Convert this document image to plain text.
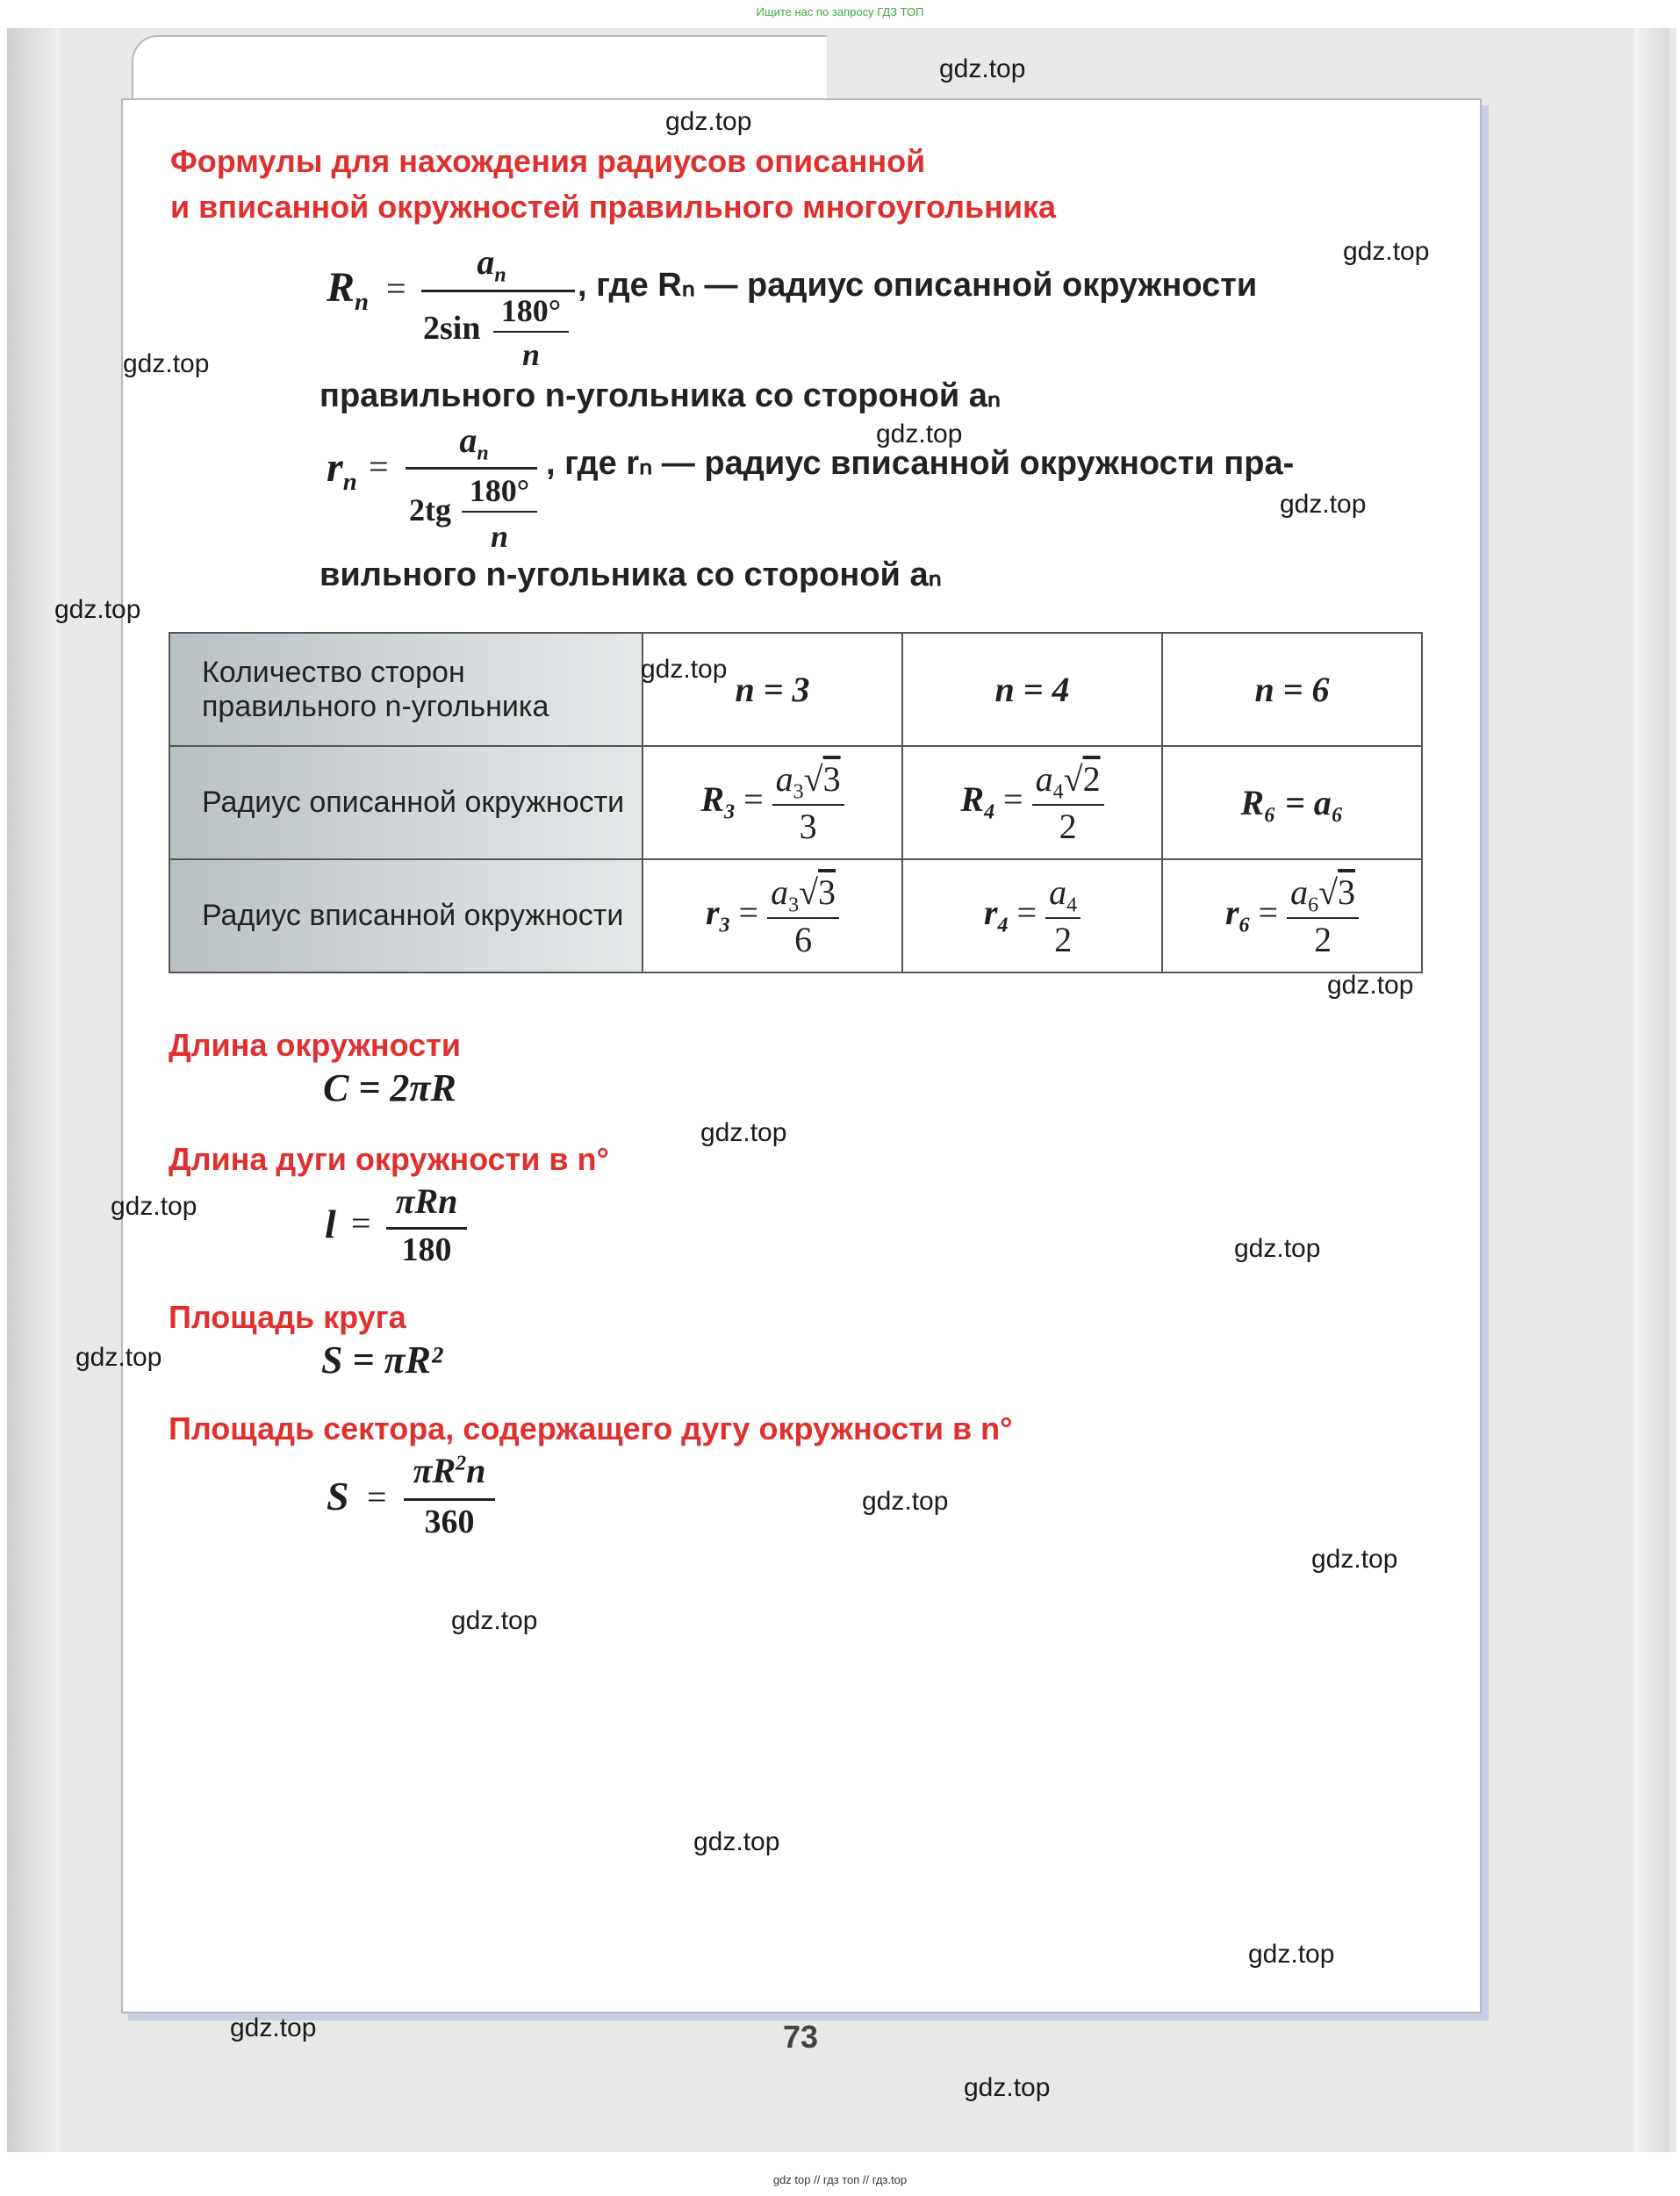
Ищите нас по запросу ГДЗ ТОП
Формулы для нахождения радиусов описанной
и вписанной окружностей правильного многоугольника
$R_n$ =
$a_n$
2sin 180°
n
, где Rₙ — радиус описанной окружности
правильного n-угольника со стороной aₙ
$r_n$ =
$a_n$
2tg
180°
n
, где rₙ — радиус вписанной окружности пра-
вильного n-угольника со стороной aₙ
Количество сторон правильного n-угольника	n = 3	n = 4	n = 6
Радиус описанной окружности	$R_3 = \frac{a_3√3}{3}$	$R_4 = \frac{a_4√2}{2}$	R₆ = a₆
Радиус вписанной окружности	$r_3 = \frac{a_3√3}{6}$	$r_4 = \frac{a_4}{2}$	$r_6 = \frac{a_6√3}{2}$
Длина окружности
C = 2πR
Длина дуги окружности в n°
l =
πRn
180
Площадь круга
S = πR²
Площадь сектора, содержащего дугу окружности в n°
S =
$\pi R^2n$
360
gdz.top
gdz.top
gdz.top
gdz.top
gdz.top
gdz.top
gdz.top
gdz.top
gdz.top
gdz.top
gdz.top
gdz.top
gdz.top
gdz.top
gdz.top
gdz.top
gdz.top
gdz.top
gdz.top
gdz.top
73
gdz top // гдз топ // гдз.top
